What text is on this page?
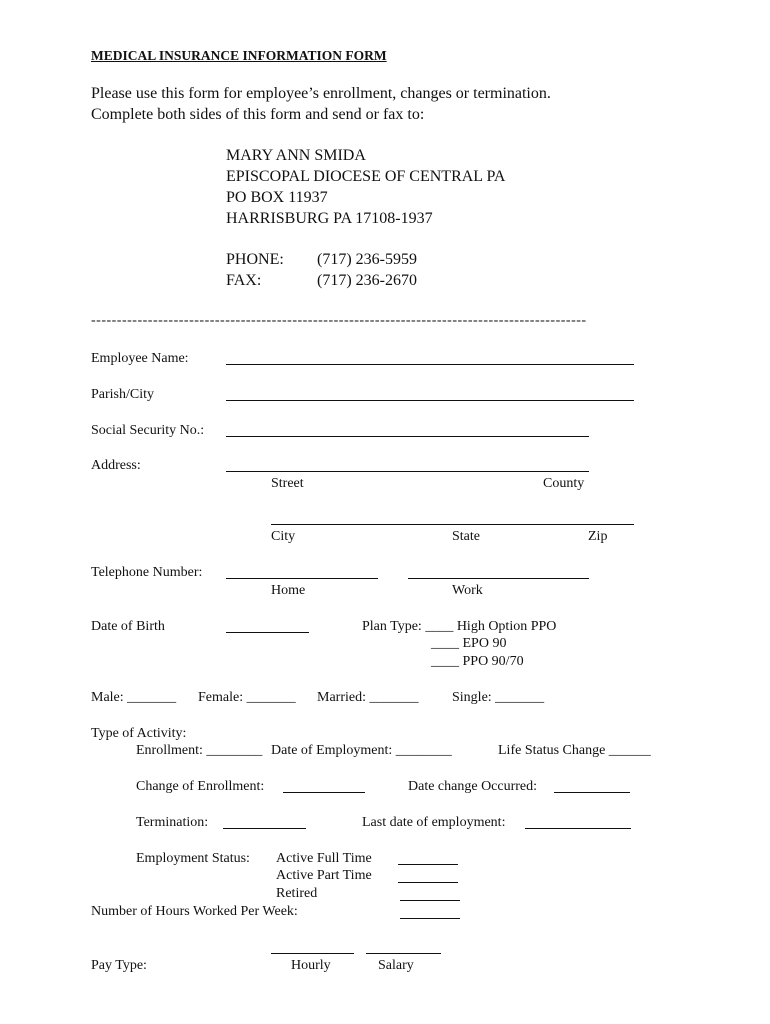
MEDICAL INSURANCE INFORMATION FORM
Please use this form for employee’s enrollment, changes or termination.
Complete both sides of this form and send or fax to:
MARY ANN SMIDA
EPISCOPAL DIOCESE OF CENTRAL PA
PO BOX 11937
HARRISBURG PA 17108-1937
PHONE: (717) 236-5959
FAX:	(717) 236-2670
------------------------------------------------------------------------------------------------
Employee Name:
Parish/City
Social Security No.:
Address:
Street	County
City	State	Zip
Telephone Number:
Home	Work
Date of Birth	Plan Type: ____ High Option PPO
____ EPO 90
____ PPO 90/70
Male: _______ Female: _______ Married: _______ Single: _______
Type of Activity:
Enrollment: ________ Date of Employment: ________	Life Status Change ______
Change of Enrollment:	Date change Occurred:
Termination:	Last date of employment:
Employment Status: Active Full Time
Active Part Time
Retired
Number of Hours Worked Per Week:
Pay Type:	Hourly	Salary
